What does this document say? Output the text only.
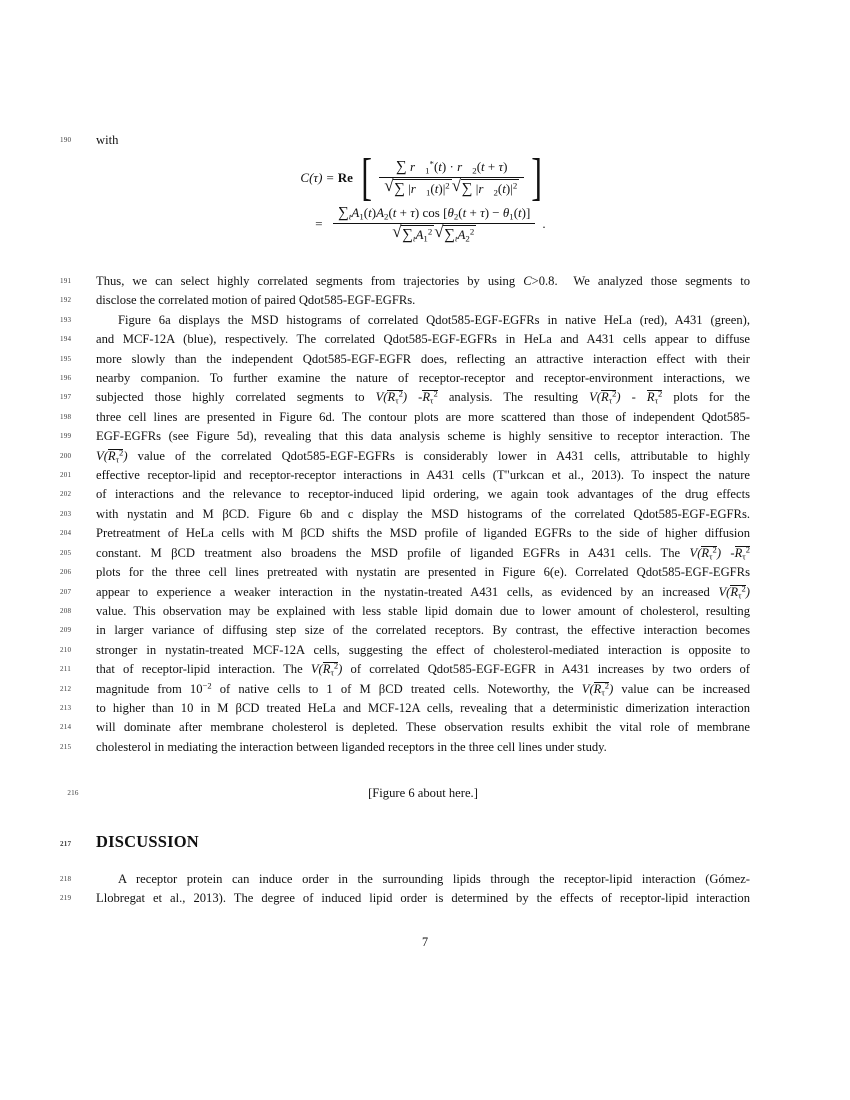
190	with
C(τ) = Re [ ∑ $r⃗_1^*(t)$ · $r⃗_2(t + \tau)$
√ ∑ $|r⃗_1(t)|^2$ √ ∑ $|r⃗_2(t)|^2$ ]
= $\sum_tA_1(t)A_2(t + \tau)$ $\cos [\theta_2(t + \tau) - \theta_1(t)]$
√ $\sum_tA_1^2$ √ $\sum_tA_2^2$ .
191	Thus, we can select highly correlated segments from trajectories by using C>0.8.  We analyzed those segments to
192	disclose the correlated motion of paired Qdot585-EGF-EGFRs.
193	Figure 6a displays the MSD histograms of correlated Qdot585-EGF-EGFRs in native HeLa (red), A431 (green),
194	and MCF-12A (blue), respectively. The correlated Qdot585-EGF-EGFRs in HeLa and A431 cells appear to diffuse
195	more slowly than the independent Qdot585-EGF-EGFR does, reflecting an attractive interaction effect with their
196	nearby companion. To further examine the nature of receptor-receptor and receptor-environment interactions, we
197	subjected those highly correlated segments to $V(R_\tau^2)$ $-R_\tau^2$ analysis. The resulting $V(R_\tau^2) - R_\tau^2$ plots for the
198	three cell lines are presented in Figure 6d. The contour plots are more scattered than those of independent Qdot585-
199	EGF-EGFRs (see Figure 5d), revealing that this data analysis scheme is highly sensitive to receptor interaction. The
200	$V(R_\tau^2)$ value of the correlated Qdot585-EGF-EGFRs is considerably lower in A431 cells, attributable to highly
201	effective receptor-lipid and receptor-receptor interactions in A431 cells (T"urkcan et al., 2013). To inspect the nature
202	of interactions and the relevance to receptor-induced lipid ordering, we again took advantages of the drug effects
203	with nystatin and M βCD. Figure 6b and c display the MSD histograms of the correlated Qdot585-EGF-EGFRs.
204	Pretreatment of HeLa cells with M βCD shifts the MSD profile of liganded EGFRs to the side of higher diffusion
205	constant. M βCD treatment also broadens the MSD profile of liganded EGFRs in A431 cells. The $V(R_\tau^2)$ $-R_\tau^2$
206	plots for the three cell lines pretreated with nystatin are presented in Figure 6(e). Correlated Qdot585-EGF-EGFRs
207	appear to experience a weaker interaction in the nystatin-treated A431 cells, as evidenced by an increased $V(R_\tau^2)$
208	value. This observation may be explained with less stable lipid domain due to lower amount of cholesterol, resulting
209	in larger variance of diffusing step size of the correlated receptors. By contrast, the effective interaction becomes
210	stronger in nystatin-treated MCF-12A cells, suggesting the effect of cholesterol-mediated interaction is opposite to
211	that of receptor-lipid interaction. The $V(R_\tau^2)$ of correlated Qdot585-EGF-EGFR in A431 increases by two orders of
212	magnitude from $10^{-2}$ of native cells to 1 of M βCD treated cells. Noteworthy, the $V(R_\tau^2)$ value can be increased
213	to higher than 10 in M βCD treated HeLa and MCF-12A cells, revealing that a deterministic dimerization interaction
214	will dominate after membrane cholesterol is depleted. These observation results exhibit the vital role of membrane
215	cholesterol in mediating the interaction between liganded receptors in the three cell lines under study.
216	[Figure 6 about here.]
217	DISCUSSION
218	A receptor protein can induce order in the surrounding lipids through the receptor-lipid interaction (Gómez-
219	Llobregat et al., 2013). The degree of induced lipid order is determined by the effects of receptor-lipid interaction
7
